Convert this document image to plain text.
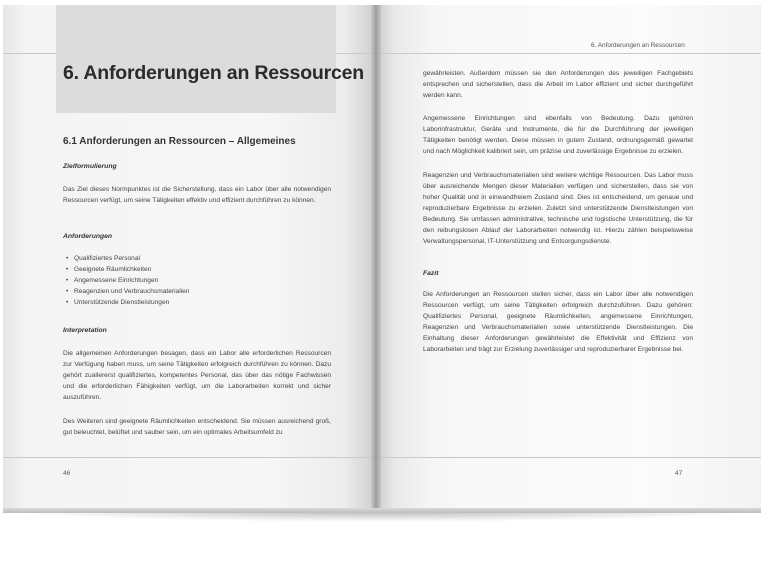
6. Anforderungen an Ressourcen
6.1 Anforderungen an Ressourcen – Allgemeines
Zielformulierung
Das Ziel dieses Normpunktes ist die Sicherstellung, dass ein Labor über alle notwendigen Ressourcen verfügt, um seine Tätigkeiten effektiv und effizient durchführen zu können.
Anforderungen
• Qualifiziertes Personal
• Geeignete Räumlichkeiten
• Angemessene Einrichtungen
• Reagenzien und Verbrauchsmaterialien
• Unterstützende Dienstleistungen
Interpretation
Die allgemeinen Anforderungen besagen, dass ein Labor alle erforderlichen Ressourcen zur Verfügung haben muss, um seine Tätigkeiten erfolgreich durchführen zu können. Dazu gehört zuallererst qualifiziertes, kompetentes Personal, das über das nötige Fachwissen und die erforderlichen Fähigkeiten verfügt, um die Laborarbeiten korrekt und sicher auszuführen.
Des Weiteren sind geeignete Räumlichkeiten entscheidend. Sie müssen ausreichend groß, gut beleuchtet, belüftet und sauber sein, um ein optimales Arbeitsumfeld zu
46
6. Anforderungen an Ressourcen
gewährleisten. Außerdem müssen sie den Anforderungen des jeweiligen Fachgebiets entsprechen und sicherstellen, dass die Arbeit im Labor effizient und sicher durchgeführt werden kann.
Angemessene Einrichtungen sind ebenfalls von Bedeutung. Dazu gehören Laborinfrastruktur, Geräte und Instrumente, die für die Durchführung der jeweiligen Tätigkeiten benötigt werden. Diese müssen in gutem Zustand, ordnungsgemäß gewartet und nach Möglichkeit kalibriert sein, um präzise und zuverlässige Ergebnisse zu erzielen.
Reagenzien und Verbrauchsmaterialien sind weitere wichtige Ressourcen. Das Labor muss über ausreichende Mengen dieser Materialien verfügen und sicherstellen, dass sie von hoher Qualität und in einwandfreiem Zustand sind. Dies ist entscheidend, um genaue und reproduzierbare Ergebnisse zu erzielen. Zuletzt sind unterstützende Dienstleistungen von Bedeutung. Sie umfassen administrative, technische und logistische Unterstützung, die für den reibungslosen Ablauf der Laborarbeiten notwendig ist. Hierzu zählen beispielsweise Verwaltungspersonal, IT-Unterstützung und Entsorgungsdienste.
Fazit
Die Anforderungen an Ressourcen stellen sicher, dass ein Labor über alle notwendigen Ressourcen verfügt, um seine Tätigkeiten erfolgreich durchzuführen. Dazu gehören: Qualifiziertes Personal, geeignete Räumlichkeiten, angemessene Einrichtungen, Reagenzien und Verbrauchsmaterialien sowie unterstützende Dienstleistungen. Die Einhaltung dieser Anforderungen gewährleistet die Effektivität und Effizienz von Laborarbeiten und trägt zur Erzielung zuverlässiger und reproduzierbarer Ergebnisse bei.
47
